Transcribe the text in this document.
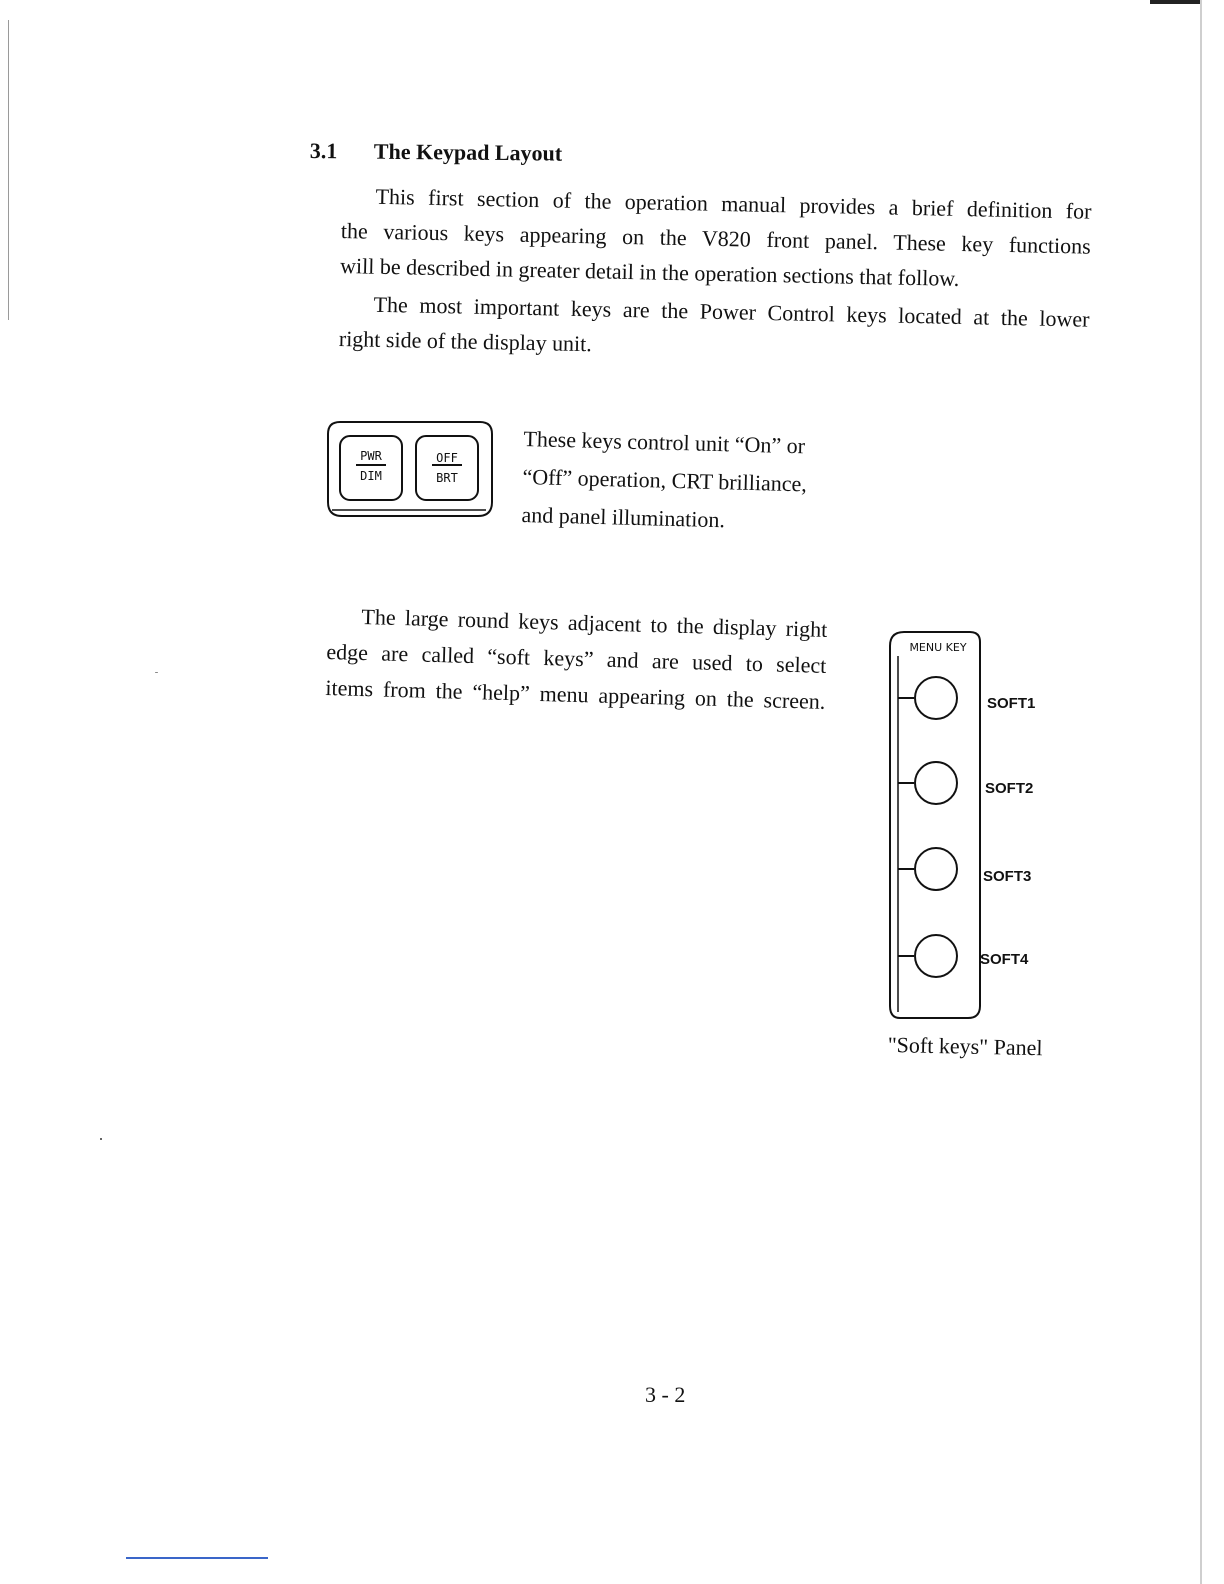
3.1 The Keypad Layout
This first section of the operation manual provides a brief definition for
the various keys appearing on the V820 front panel. These key functions
will be described in greater detail in the operation sections that follow.
The most important keys are the Power Control keys located at the lower
right side of the display unit.
PWR
DIM
OFF
BRT
These keys control unit “On” or
“Off” operation, CRT brilliance,
and panel illumination.
The large round keys adjacent to the display right
edge are called “soft keys” and are used to select
items from the “help” menu appearing on the screen.
MENU KEY
SOFT1
SOFT2
SOFT3
SOFT4
"Soft keys" Panel
3 - 2
